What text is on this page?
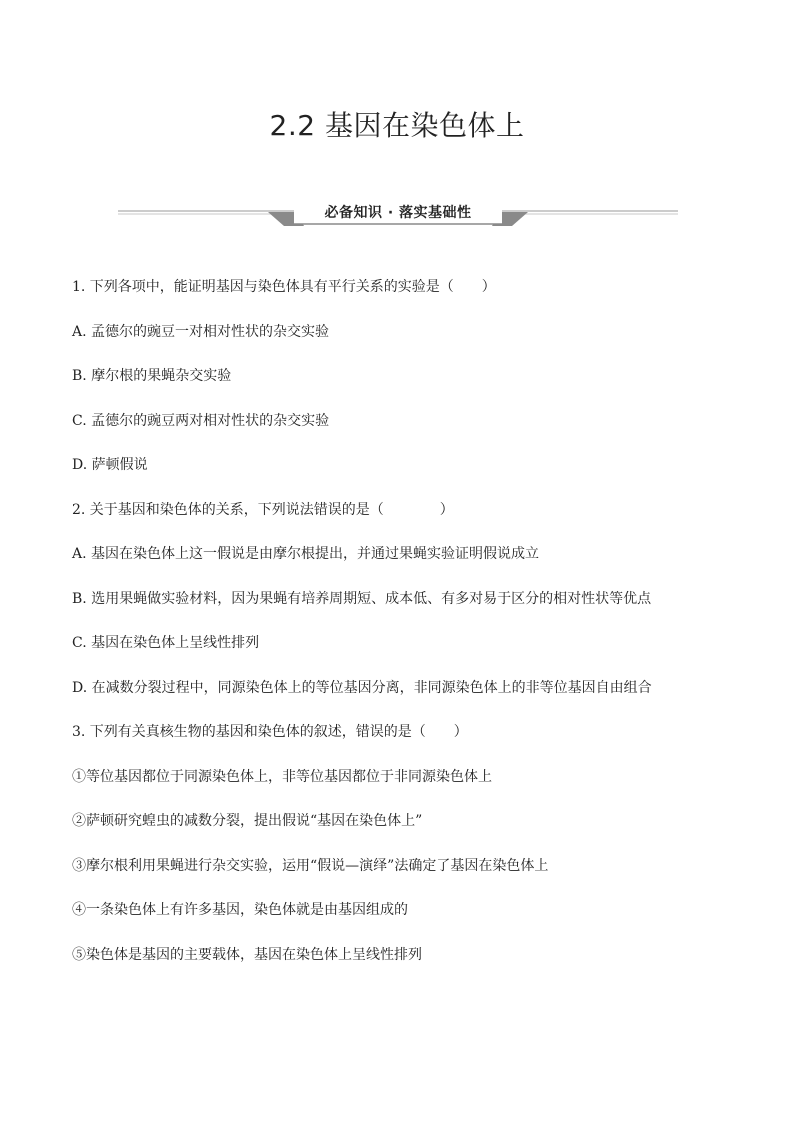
2.2 基因在染色体上
必备知识 · 落实基础性
1. 下列各项中，能证明基因与染色体具有平行关系的实验是（　　）
A. 孟德尔的豌豆一对相对性状的杂交实验
B. 摩尔根的果蝇杂交实验
C. 孟德尔的豌豆两对相对性状的杂交实验
D. 萨顿假说
2. 关于基因和染色体的关系，下列说法错误的是（　　　　）
A. 基因在染色体上这一假说是由摩尔根提出，并通过果蝇实验证明假说成立
B. 选用果蝇做实验材料，因为果蝇有培养周期短、成本低、有多对易于区分的相对性状等优点
C. 基因在染色体上呈线性排列
D. 在减数分裂过程中，同源染色体上的等位基因分离，非同源染色体上的非等位基因自由组合
3. 下列有关真核生物的基因和染色体的叙述，错误的是（　　）
①等位基因都位于同源染色体上，非等位基因都位于非同源染色体上
②萨顿研究蝗虫的减数分裂，提出假说“基因在染色体上”
③摩尔根利用果蝇进行杂交实验，运用“假说—演绎”法确定了基因在染色体上
④一条染色体上有许多基因，染色体就是由基因组成的
⑤染色体是基因的主要载体，基因在染色体上呈线性排列
